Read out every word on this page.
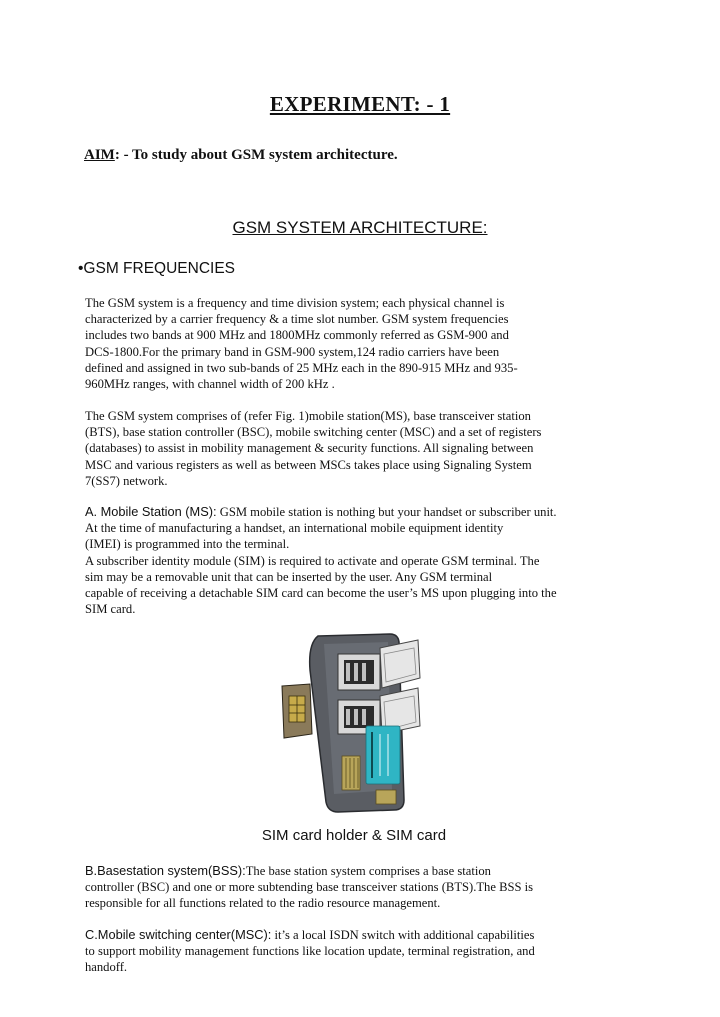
EXPERIMENT: - 1
AIM: - To study about GSM system architecture.
GSM SYSTEM ARCHITECTURE:
•GSM FREQUENCIES
The GSM system is a frequency and time division system; each physical channel is
characterized by a carrier frequency & a time slot number. GSM system frequencies
includes two bands at 900 MHz and 1800MHz commonly referred as GSM-900 and
DCS-1800.For the primary band in GSM-900 system,124 radio carriers have been
defined and assigned in two sub-bands of 25 MHz each in the 890-915 MHz and 935-
960MHz ranges, with channel width of 200 kHz .
The GSM system comprises of (refer Fig. 1)mobile station(MS), base transceiver station
(BTS), base station controller (BSC), mobile switching center (MSC) and a set of registers
(databases) to assist in mobility management & security functions. All signaling between
MSC and various registers as well as between MSCs takes place using Signaling System
7(SS7) network.
A. Mobile Station (MS): GSM mobile station is nothing but your handset or subscriber unit.
At the time of manufacturing a handset, an international mobile equipment identity
(IMEI) is programmed into the terminal.
A subscriber identity module (SIM) is required to activate and operate GSM terminal. The
sim may be a removable unit that can be inserted by the user. Any GSM terminal
capable of receiving a detachable SIM card can become the user’s MS upon plugging into the
SIM card.
SIM card holder & SIM card
B.Basestation system(BSS):The base station system comprises a base station
controller (BSC) and one or more subtending base transceiver stations (BTS).The BSS is
responsible for all functions related to the radio resource management.
C.Mobile switching center(MSC): it’s a local ISDN switch with additional capabilities
to support mobility management functions like location update, terminal registration, and
handoff.
